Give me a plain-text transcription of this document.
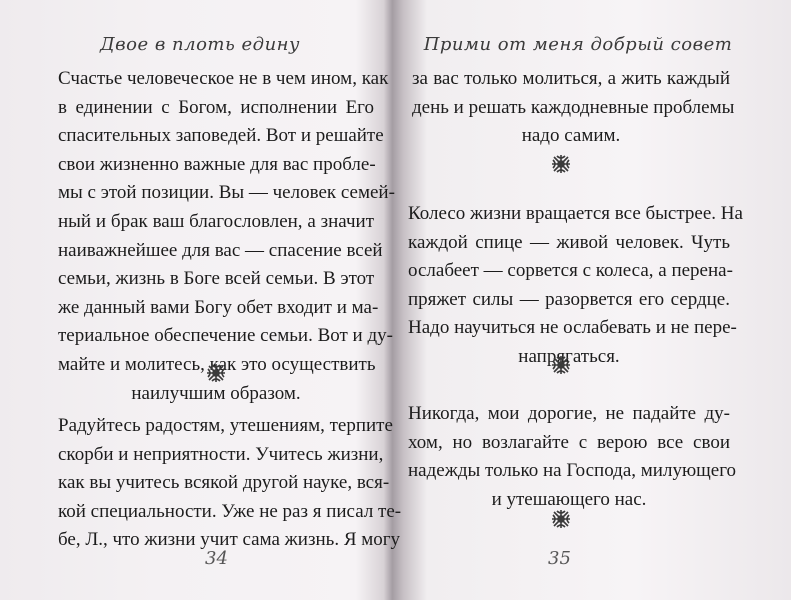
Двое в плоть едину
Счастье человеческое не в чем ином, как
в единении с Богом, исполнении Его
спасительных заповедей. Вот и решайте
свои жизненно важные для вас пробле-
мы с этой позиции. Вы — человек семей-
ный и брак ваш благословлен, а значит
наиважнейшее для вас — спасение всей
семьи, жизнь в Боге всей семьи. В этот
же данный вами Богу обет входит и ма-
териальное обеспечение семьи. Вот и ду-
майте и молитесь, как это осуществить
наилучшим образом.
Радуйтесь радостям, утешениям, терпите
скорби и неприятности. Учитесь жизни,
как вы учитесь всякой другой науке, вся-
кой специальности. Уже не раз я писал те-
бе, Л., что жизни учит сама жизнь. Я могу
34
Прими от меня добрый совет
за вас только молиться, а жить каждый
день и решать каждодневные проблемы
надо самим.
Колесо жизни вращается все быстрее. На
каждой спице — живой человек. Чуть
ослабеет — сорвется с колеса, а перена-
пряжет силы — разорвется его сердце.
Надо научиться не ослабевать и не пере-
напрягаться.
Никогда, мои дорогие, не падайте ду-
хом, но возлагайте с верою все свои
надежды только на Господа, милующего
и утешающего нас.
35
